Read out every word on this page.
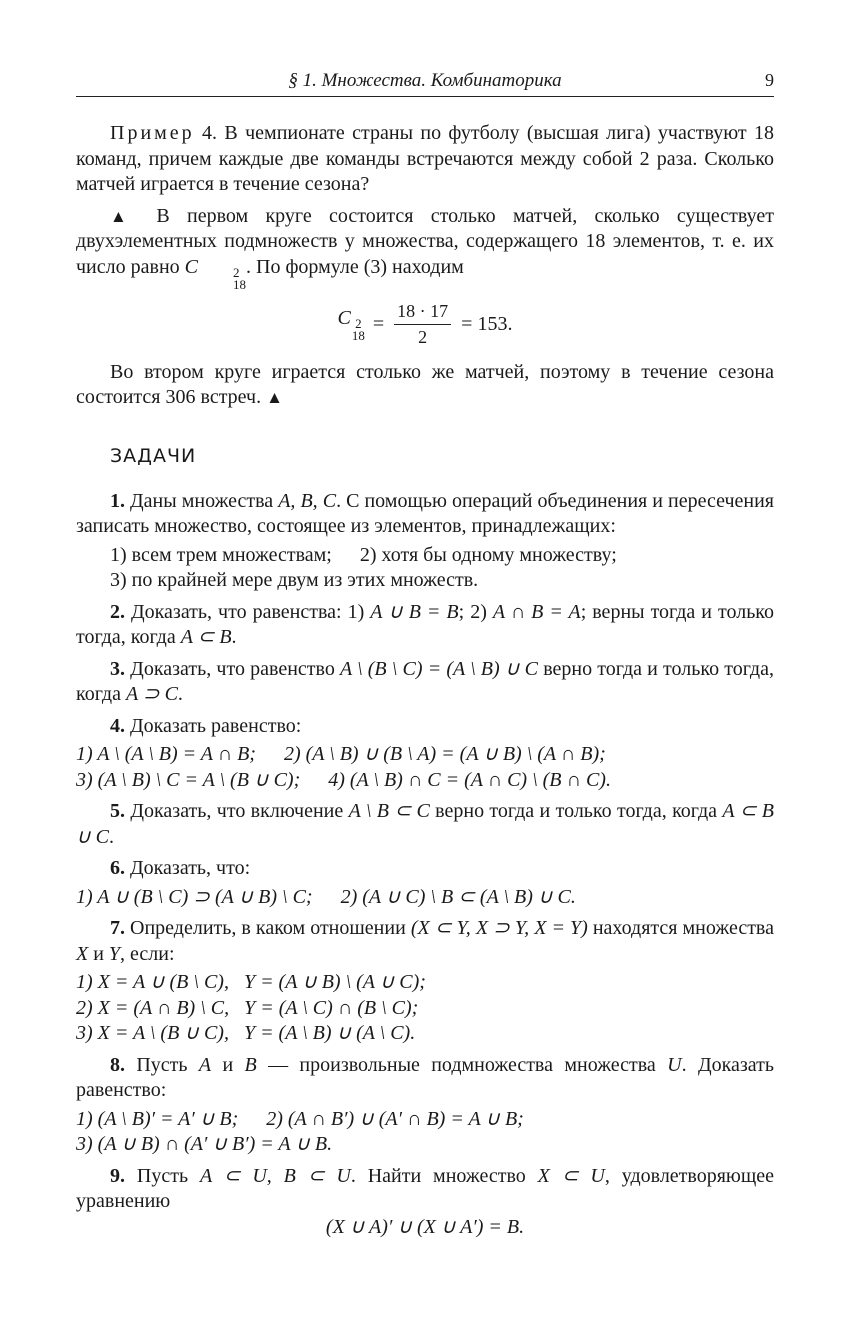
§ 1. Множества. Комбинаторика	9

Пример 4. В чемпионате страны по футболу (высшая лига) участвуют 18 команд, причем каждые две команды встречаются между собой 2 раза. Сколько матчей играется в течение сезона?

▲ В первом круге состоится столько матчей, сколько существует двухэлементных подмножеств у множества, содержащего 18 элементов, т. е. их число равно C	2
18
. По формуле (3) находим

C 2
18
= $\frac{18 \cdot 17}{2} = 153$.

Во втором круге играется столько же матчей, поэтому в течение сезона состоится 306 встреч. ▲

ЗАДАЧИ

1. Даны множества A, B, C. С помощью операций объединения и пересечения записать множество, состоящее из элементов, принадлежащих:

1) всем трем множествам; 2) хотя бы одному множеству;

3) по крайней мере двум из этих множеств.

2. Доказать, что равенства: 1) A ∪ B = B; 2) A ∩ B = A; верны тогда и только тогда, когда A ⊂ B.

3. Доказать, что равенство A \ (B \ C) = (A \ B) ∪ C верно тогда и только тогда, когда A ⊃ C.

4. Доказать равенство:

1) A \ (A \ B) = A ∩ B; 2) (A \ B) ∪ (B \ A) = (A ∪ B) \ (A ∩ B);

3) (A \ B) \ C = A \ (B ∪ C); 4) (A \ B) ∩ C = (A ∩ C) \ (B ∩ C).

5. Доказать, что включение A \ B ⊂ C верно тогда и только тогда, когда A ⊂ B ∪ C.

6. Доказать, что:

1) A ∪ (B \ C) ⊃ (A ∪ B) \ C; 2) (A ∪ C) \ B ⊂ (A \ B) ∪ C.

7. Определить, в каком отношении (X ⊂ Y, X ⊃ Y, X = Y) находятся множества X и Y, если:

1) X = A ∪ (B \ C),   Y = (A ∪ B) \ (A ∪ C);

2) X = (A ∩ B) \ C,   Y = (A \ C) ∩ (B \ C);

3) X = A \ (B ∪ C),   Y = (A \ B) ∪ (A \ C).

8. Пусть A и B — произвольные подмножества множества U. Доказать равенство:

1) (A \ B)′ = A′ ∪ B; 2) (A ∩ B′) ∪ (A′ ∩ B) = A ∪ B;

3) (A ∪ B) ∩ (A′ ∪ B′) = A ∪ B.

9. Пусть A ⊂ U, B ⊂ U. Найти множество X ⊂ U, удовлетворяющее уравнению

(X ∪ A)′ ∪ (X ∪ A′) = B.
